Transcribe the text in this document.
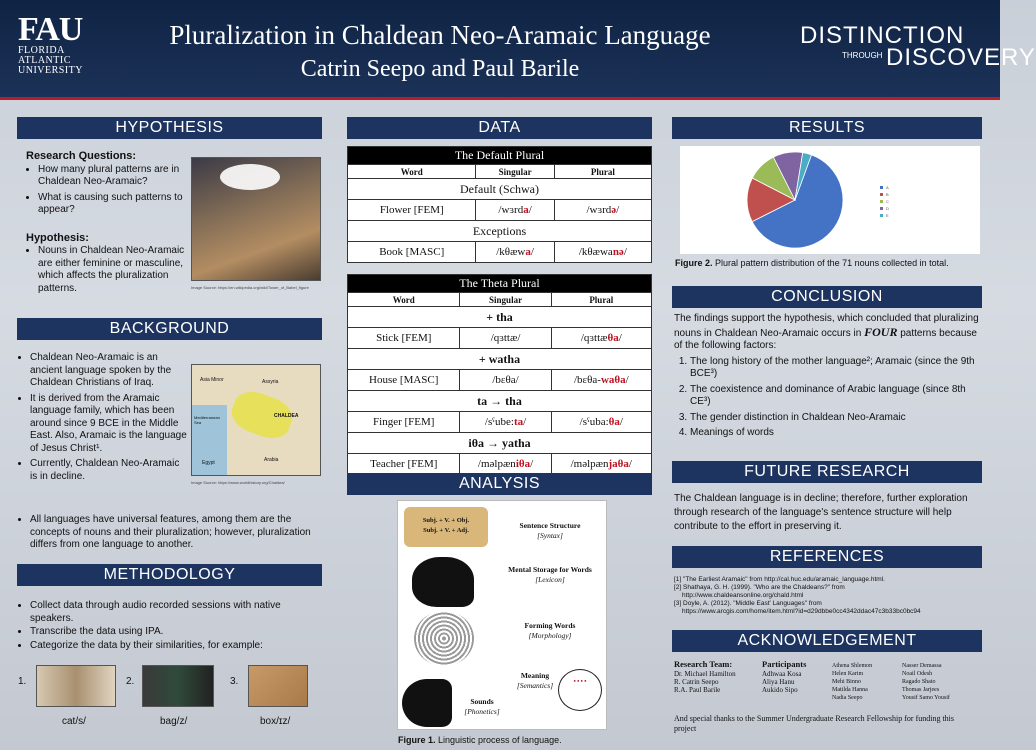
FAU
FLORIDA
ATLANTIC
UNIVERSITY
Pluralization in Chaldean Neo-Aramaic Language
Catrin Seepo and Paul Barile
DISTINCTION
THROUGH DISCOVERY
HYPOTHESIS
Research Questions:
• How many plural patterns are in Chaldean Neo-Aramaic?
• What is causing such patterns to appear?
Hypothesis:
• Nouns in Chaldean Neo-Aramaic are either feminine or masculine, which affects the pluralization patterns.	Image Source: https://en.wikipedia.org/wiki/Tower_of_Babel_figure
BACKGROUND
• Chaldean Neo-Aramaic is an ancient language spoken by the Chaldean Christians of Iraq.
• It is derived from the Aramaic language family, which has been around since 9 BCE in the Middle East. Also, Aramaic is the language of Jesus Christ¹.
• Currently, Chaldean Neo-Aramaic is in decline.
• All languages have universal features, among them are the concepts of nouns and their pluralization; however, pluralization differs from one language to another.
Asia Minor
Mediterranean Sea
Assyria
CHALDEA
Egypt	Arabia
Image Source: https://www.worldhistory.org/Chaldea/
METHODOLOGY
• Collect data through audio recorded sessions with native speakers.
• Transcribe the data using IPA.
• Categorize the data by their similarities, for example:
1.
cat/s/
2.
bag/z/
3.
box/ɪz/
DATA
The Default Plural		
Word	Singular	Plural
Default (Schwa)		
Flower [FEM]	/wɜrda/	/wɜrdə/
Exceptions		
Book [MASC]	/kθæwa/	/kθæwanə/
The Theta Plural		
Word	Singular	Plural
+ tha		
Stick [FEM]	/qɜttæ/	/qɜttæθa/
+ watha		
House [MASC]	/bɛθa/	/bɛθa-waθa/
ta → tha		
Finger [FEM]	/sˤube:ta/	/sˤuba:θa/
iθa → yatha		
Teacher [FEM]	/məlpæniθa/	/məlpænjaθa/
ANALYSIS
Subj. + V. + Obj.
Subj. + V. + Adj.
● ● ● ●
Sentence Structure
[Syntax]
Mental Storage for Words
[Lexicon]
Forming Words
[Morphology]
Meaning
[Semantics]
Sounds
[Phonetics]
Figure 1. Linguistic process of language.
RESULTS
A
B
C
D
E
Figure 2. Plural pattern distribution of the 71 nouns collected in total.
CONCLUSION
The findings support the hypothesis, which concluded that pluralizing nouns in Chaldean Neo-Aramaic occurs in FOUR patterns because of the following factors:
1. The long history of the mother language²; Aramaic (since the 9th BCE³)
2. The coexistence and dominance of Arabic language (since 8th CE³)
3. The gender distinction in Chaldean Neo-Aramaic
4. Meanings of words
FUTURE RESEARCH
The Chaldean language is in decline; therefore, further exploration through research of the language's sentence structure will help contribute to the effort in preserving it.
REFERENCES
[1] "The Earliest Aramaic" from http://cal.huc.edu/aramaic_language.html.
[2] Shathaya, G. H. (1999). "Who are the Chaldeans?" from
http://www.chaldeansonline.org/chald.html
[3] Doyle, A. (2012). "Middle East' Languages" from
https://www.arcgis.com/home/item.html?id=d29dbbe0cc4342ddac47c3b33bc0bc94
ACKNOWLEDGEMENT
Research Team:
Dr. Michael Hamilton
R. Catrin Seepo
R.A. Paul Barile
Participants
Adhwaa Kosa
Aliya Hanu
Aukido Sipo
Athena Shlemon
Helen Karim
Mehi Binno
Matilda Hanna
Nadia Seepo
Nasser Demassa
Noail Odesh
Ragado Shato
Thomas Jarjees
Yousif Samo Yousif
And special thanks to the Summer Undergraduate Research Fellowship for funding this project
